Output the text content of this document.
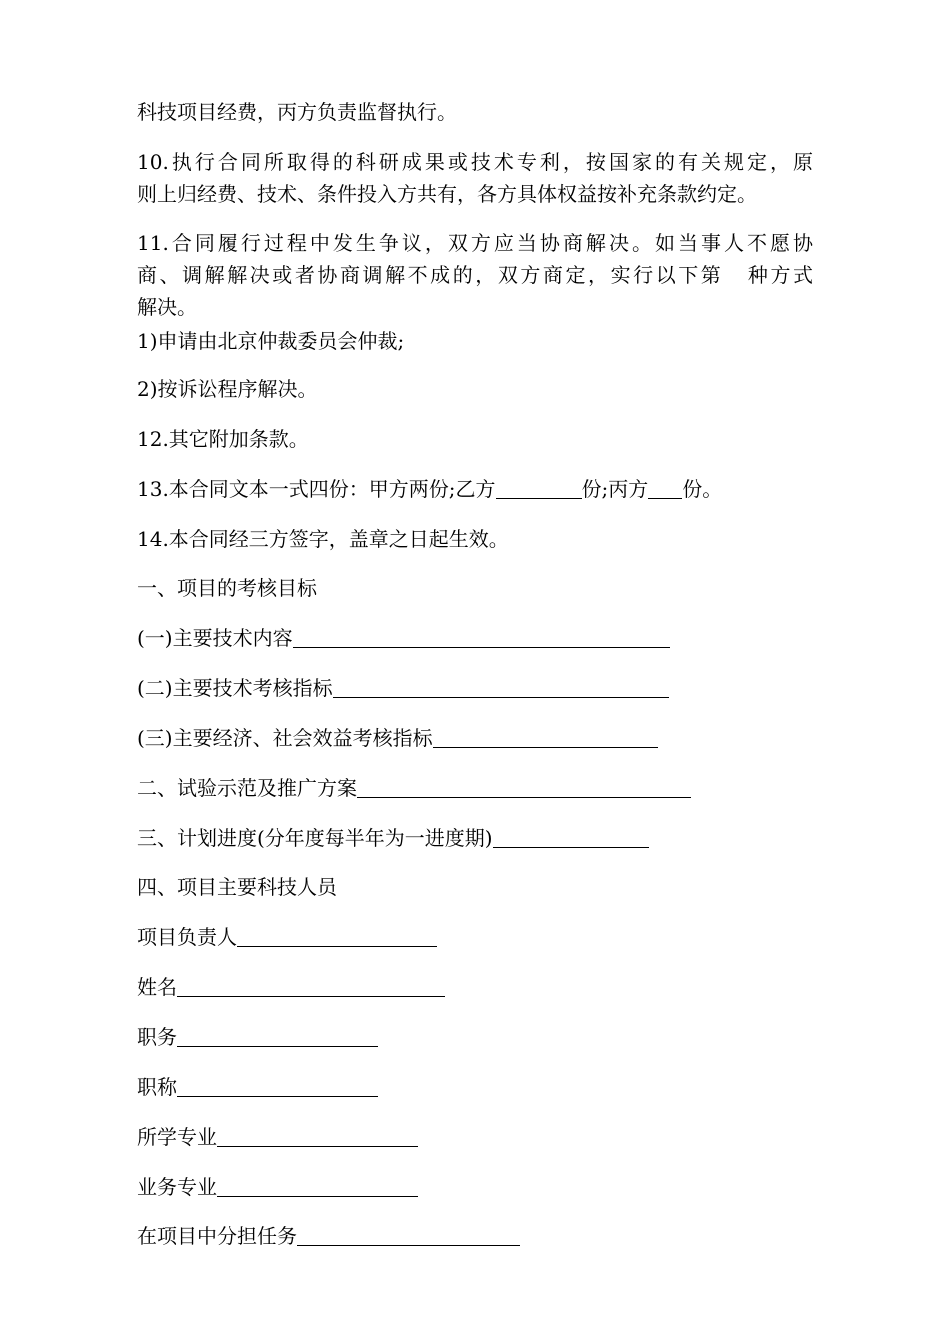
科技项目经费，丙方负责监督执行。
10.执行合同所取得的科研成果或技术专利，按国家的有关规定，原
则上归经费、技术、条件投入方共有，各方具体权益按补充条款约定。
11.合同履行过程中发生争议，双方应当协商解决。如当事人不愿协
商、调解解决或者协商调解不成的，双方商定，实行以下第 种方式
解决。
1)申请由北京仲裁委员会仲裁;
2)按诉讼程序解决。
12.其它附加条款。
13.本合同文本一式四份：甲方两份;乙方	份;丙方 份。
14.本合同经三方签字，盖章之日起生效。
一、项目的考核目标
(一)主要技术内容
(二)主要技术考核指标
(三)主要经济、社会效益考核指标
二、试验示范及推广方案
三、计划进度(分年度每半年为一进度期)
四、项目主要科技人员
项目负责人
姓名
职务
职称
所学专业
业务专业
在项目中分担任务
